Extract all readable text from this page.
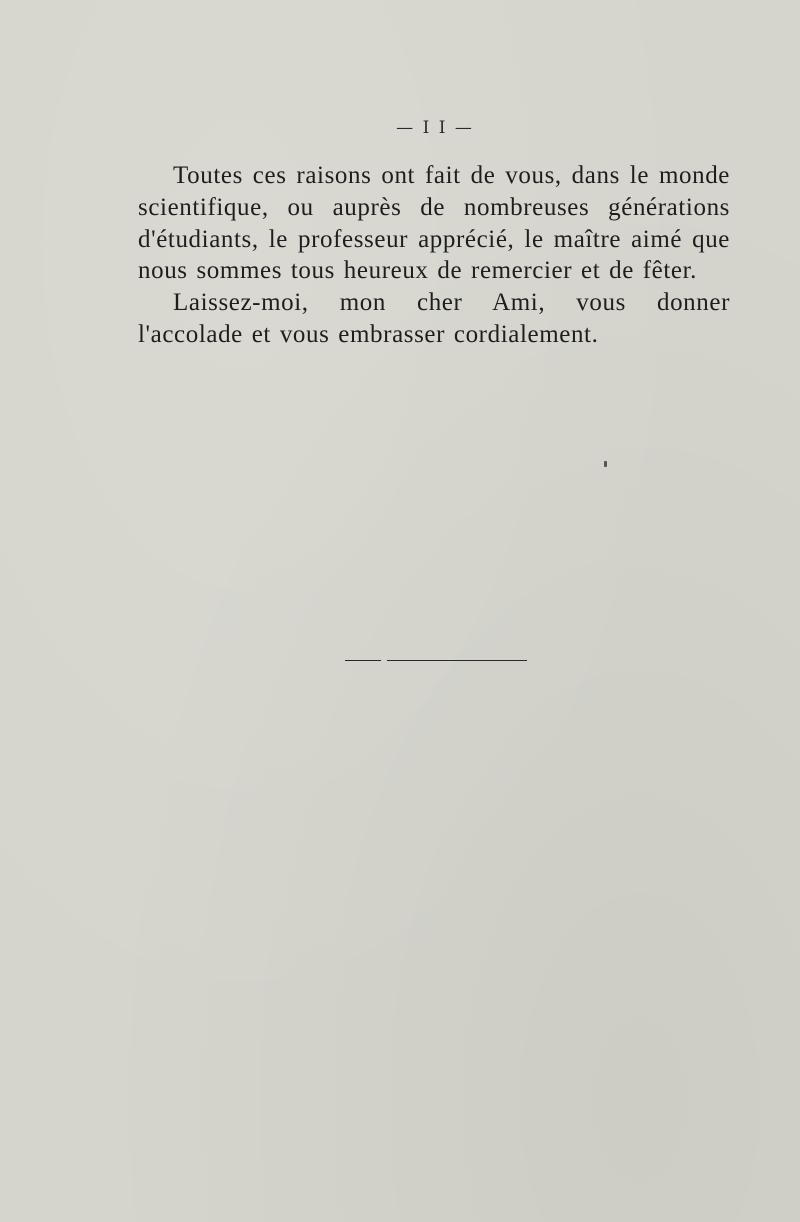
— I I —

Toutes ces raisons ont fait de vous, dans le monde scientifique, ou auprès de nombreuses générations d'étudiants, le professeur apprécié, le maître aimé que nous sommes tous heureux de remercier et de fêter.

Laissez-moi, mon cher Ami, vous donner l'accolade et vous embrasser cordialement.
